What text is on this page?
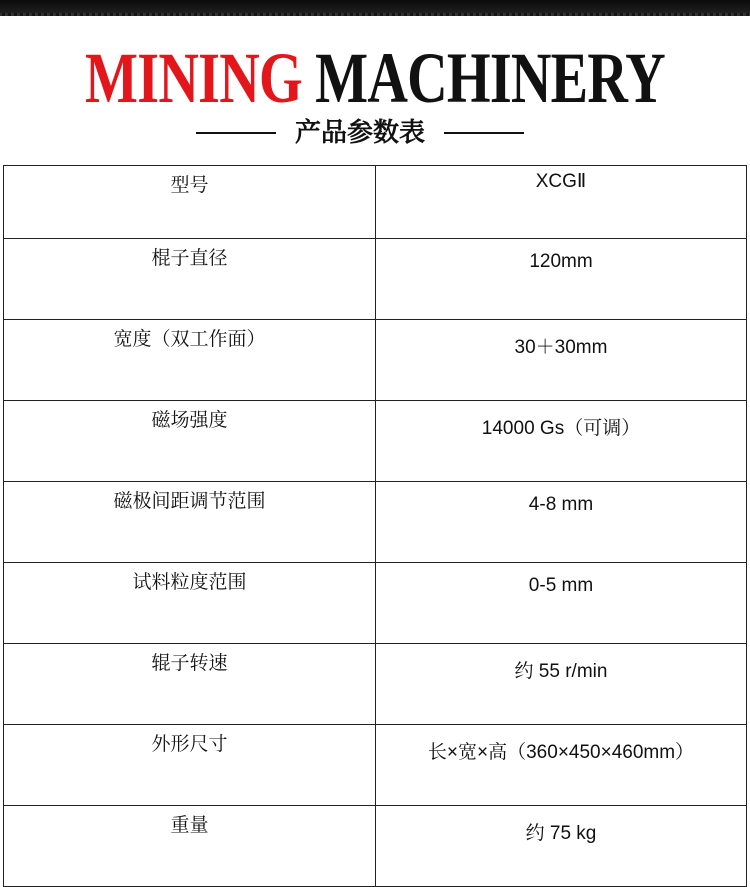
MINING MACHINERY
产品参数表
型号	XCGⅡ
棍子直径	120mm
宽度（双工作面）	30＋30mm
磁场强度	14000 Gs（可调）
磁极间距调节范围	4-8 mm
试料粒度范围	0-5 mm
辊子转速	约 55 r/min
外形尺寸	长×宽×高（360×450×460mm）
重量	约 75 kg
